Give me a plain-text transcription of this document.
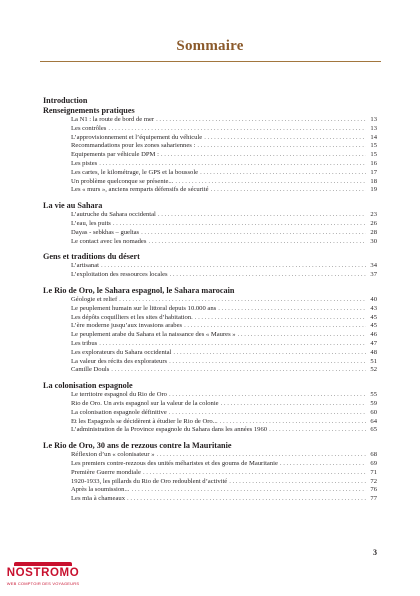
Sommaire
Introduction
Renseignements pratiques
La N1 : la route de bord de mer . . .	13
Les contrôles . . .	13
L’approvisionnement et l’équipement du véhicule . . .	14
Recommandations pour les zones sahariennes : . . .	15
Equipements par véhicule DPM : . . .	15
Les pistes . . .	16
Les cartes, le kilométrage, le GPS et la boussole . . .	17
Un problème quelconque se présente... . . .	18
Les « murs », anciens remparts défensifs de sécurité . . .	19
La vie au Sahara
L’autruche du Sahara occidental . . .	23
L’eau, les puits . . .	26
Dayas - sebkhas – gueltas . . .	28
Le contact avec les nomades . . .	30
Gens et traditions du désert
L’artisanat . . .	34
L’exploitation des ressources locales . . .	37
Le Rio de Oro, le Sahara espagnol, le Sahara marocain
Géologie et relief . . .	40
Le peuplement humain sur le littoral depuis 10.000 ans . . .	43
Les dépôts coquilliers et les sites d’habitation. . . .	45
L’ère moderne jusqu’aux invasions arabes . . .	45
Le peuplement arabe du Sahara et la naissance des « Maures » . . .	46
Les tribus . . .	47
Les explorateurs du Sahara occidental . . .	48
La valeur des récits des explorateurs . . .	51
Camille Douls . . .	52
La colonisation espagnole
Le territoire espagnol du Rio de Oro . . .	55
Rio de Oro. Un avis espagnol sur la valeur de la colonie . . .	59
La colonisation espagnole définitive . . .	60
Et les Espagnols se décidèrent à étudier le Rio de Oro... . . .	64
L’administration de la Province espagnole du Sahara dans les années 1960 . . .	65
Le Rio de Oro, 30 ans de rezzous contre la Mauritanie
Réflexion d’un « colonisateur » . . .	68
Les premiers contre-rezzous des unités méharistes et des goums de Mauritanie . . .	69
Première Guerre mondiale . . .	71
1920-1933, les pillards du Rio de Oro redoublent d’activité . . .	72
Après la soumission... . . .	76
Les mïa à chameaux . . .	77
3
NOSTROMO
WEB COMPTOIR DES VOYAGEURS
